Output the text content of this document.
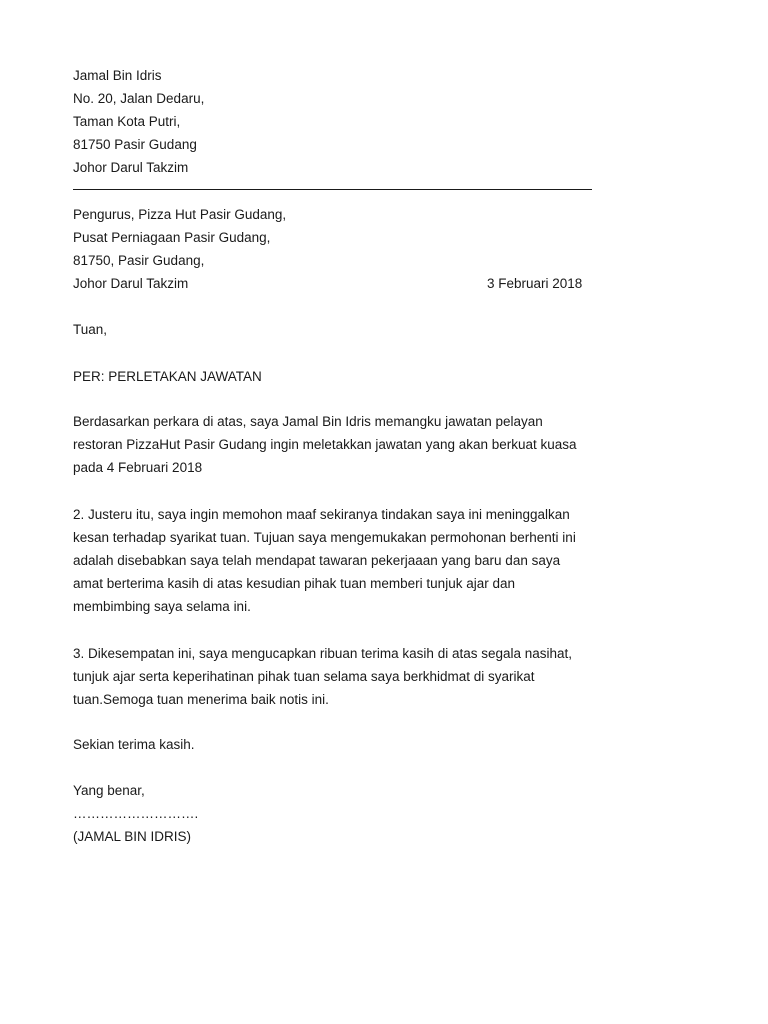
Jamal Bin Idris
No. 20, Jalan Dedaru,
Taman Kota Putri,
81750 Pasir Gudang
Johor Darul Takzim
Pengurus, Pizza Hut Pasir Gudang,
Pusat Perniagaan Pasir Gudang,
81750, Pasir Gudang,
Johor Darul Takzim	3 Februari 2018
Tuan,
PER: PERLETAKAN JAWATAN
Berdasarkan perkara di atas, saya Jamal Bin Idris memangku jawatan pelayan
restoran PizzaHut Pasir Gudang ingin meletakkan jawatan yang akan berkuat kuasa
pada 4 Februari 2018
2. Justeru itu, saya ingin memohon maaf sekiranya tindakan saya ini meninggalkan
kesan terhadap syarikat tuan. Tujuan saya mengemukakan permohonan berhenti ini
adalah disebabkan saya telah mendapat tawaran pekerjaaan yang baru dan saya
amat berterima kasih di atas kesudian pihak tuan memberi tunjuk ajar dan
membimbing saya selama ini.
3. Dikesempatan ini, saya mengucapkan ribuan terima kasih di atas segala nasihat,
tunjuk ajar serta keperihatinan pihak tuan selama saya berkhidmat di syarikat
tuan.Semoga tuan menerima baik notis ini.
Sekian terima kasih.
Yang benar,
……………………….
(JAMAL BIN IDRIS)
